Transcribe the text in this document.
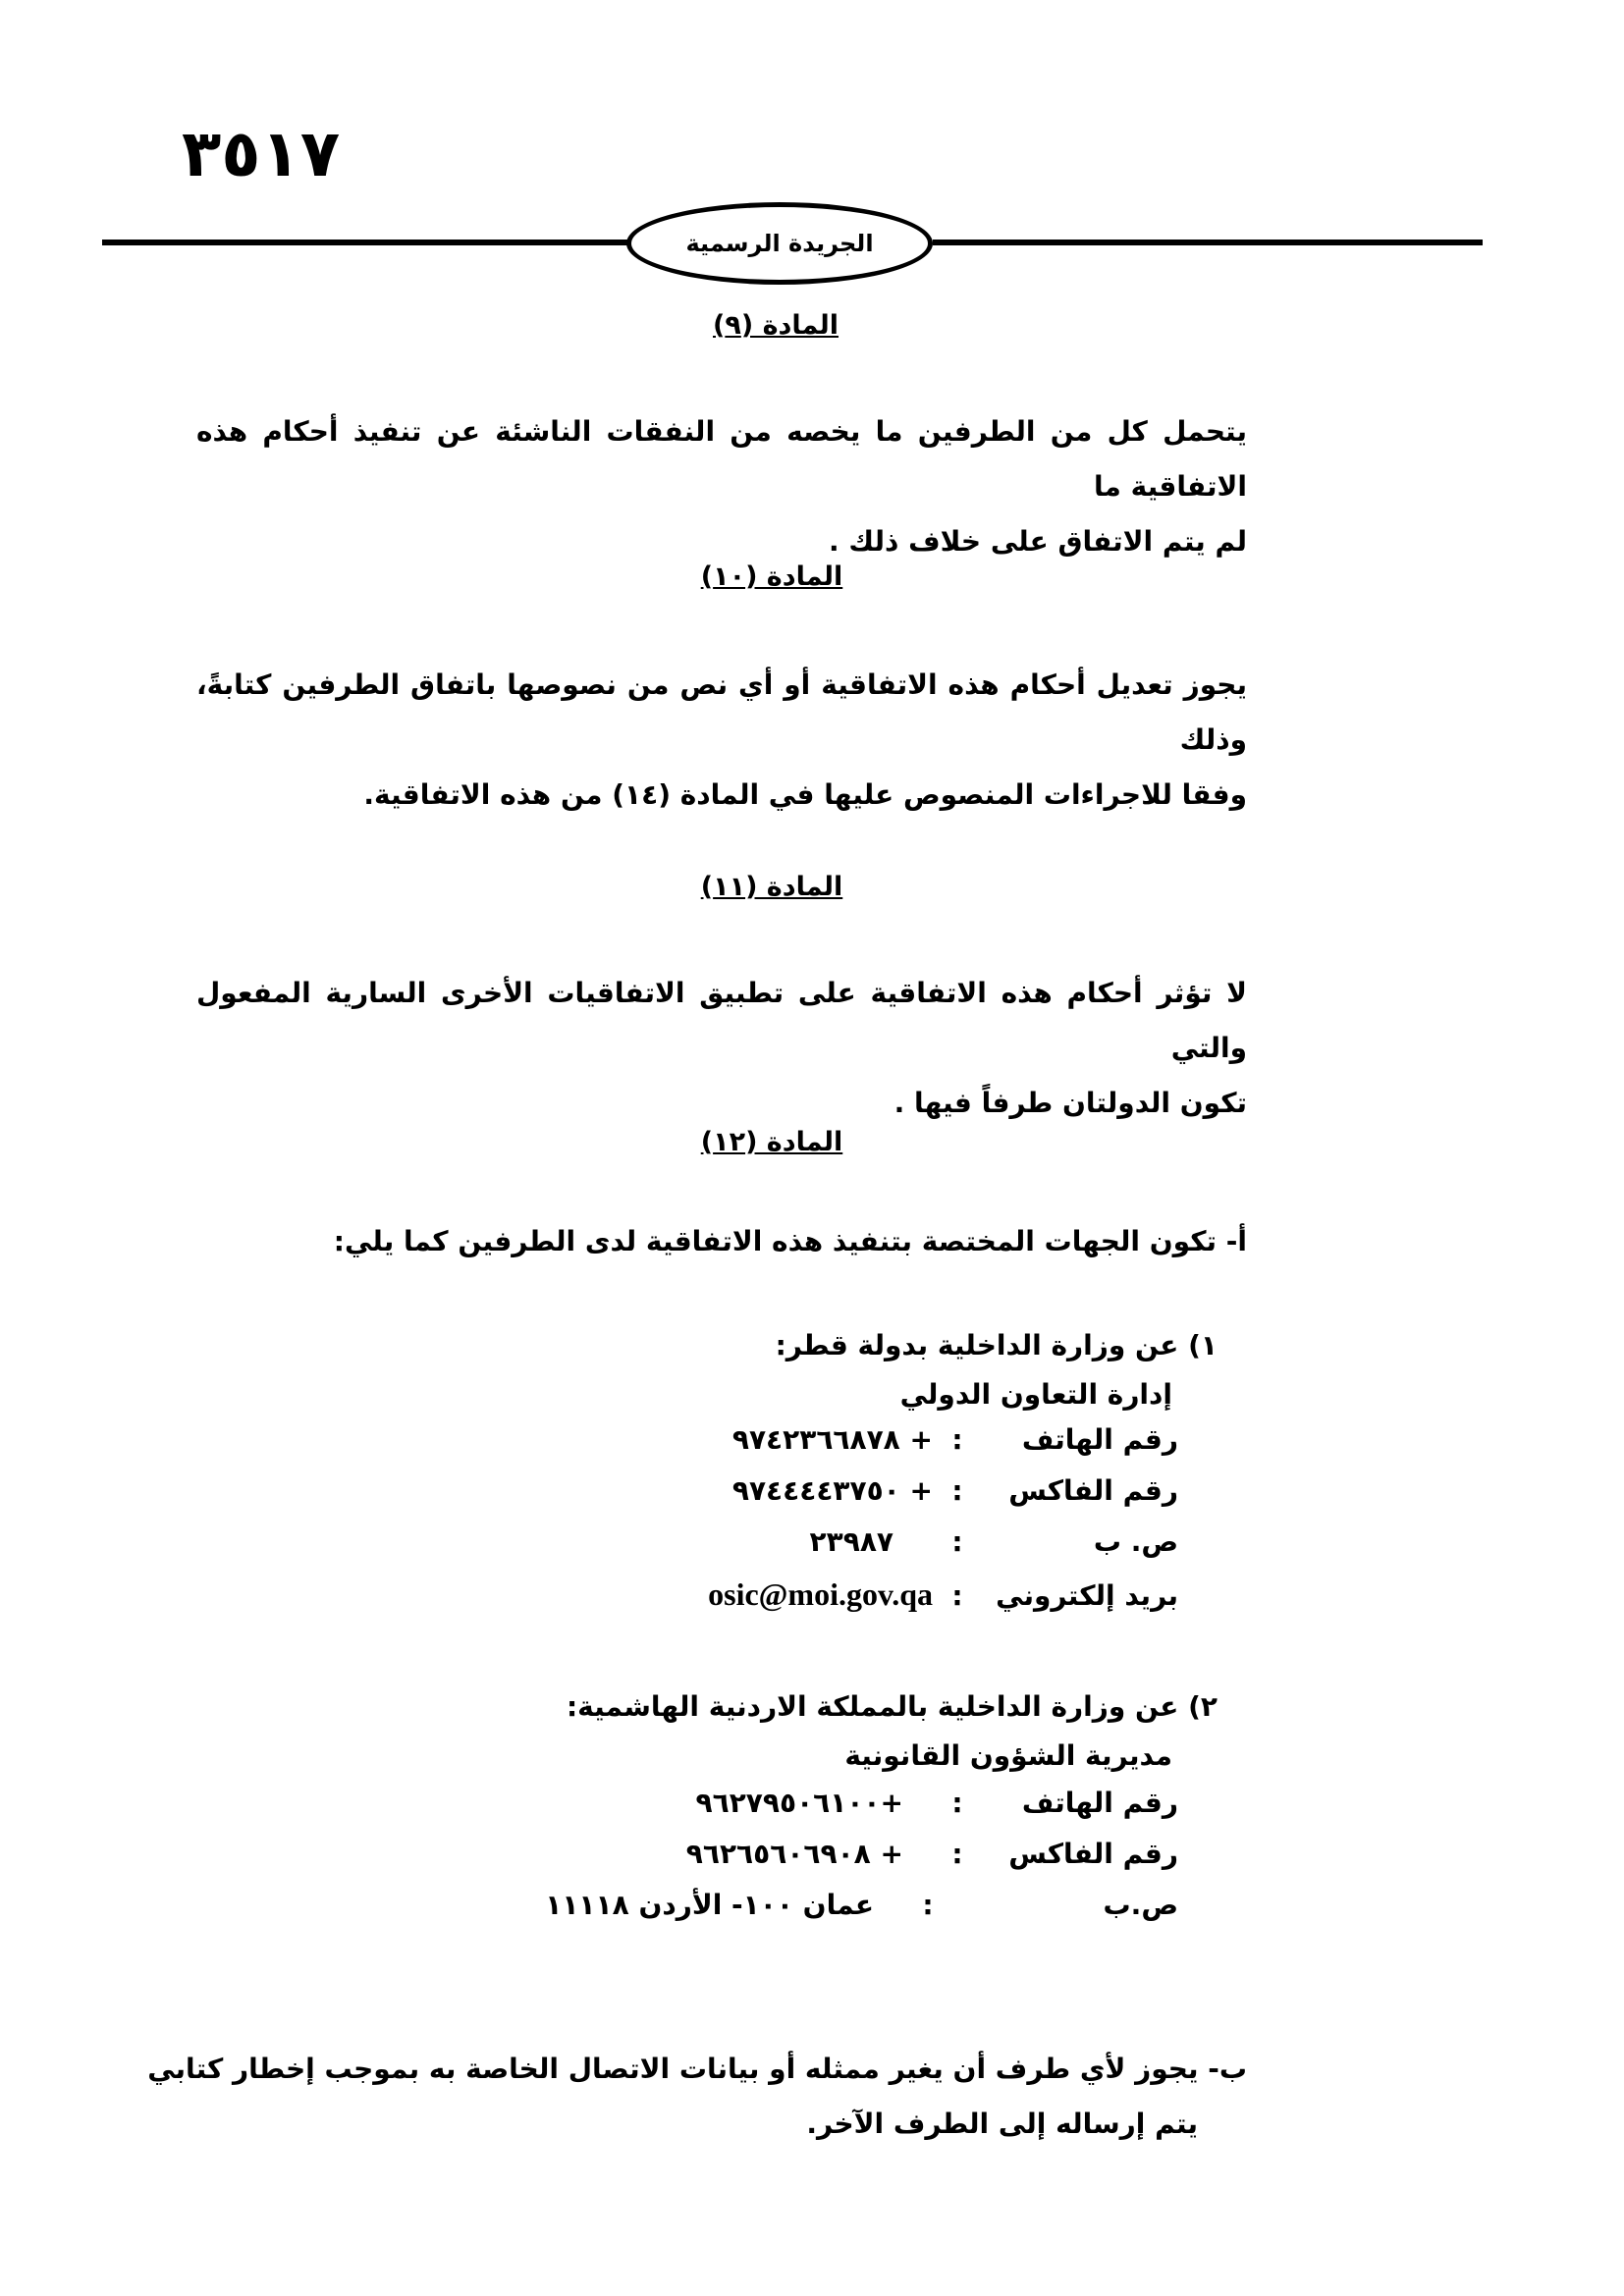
٣٥١٧
الجريدة الرسمية
المادة (٩)
يتحمل كل من الطرفين ما يخصه من النفقات الناشئة عن تنفيذ أحكام هذه الاتفاقية ما
لم يتم الاتفاق على خلاف ذلك .
المادة (١٠)
يجوز تعديل أحكام هذه الاتفاقية أو أي نص من نصوصها باتفاق الطرفين كتابةً، وذلك
وفقا للاجراءات المنصوص عليها في المادة (١٤) من هذه الاتفاقية.
المادة (١١)
لا تؤثر أحكام هذه الاتفاقية على تطبيق الاتفاقيات الأخرى السارية المفعول والتي
تكون الدولتان طرفاً فيها .
المادة (١٢)
أ- تكون الجهات المختصة بتنفيذ هذه الاتفاقية لدى الطرفين كما يلي:
١) عن وزارة الداخلية بدولة قطر:
إدارة التعاون الدولي
رقم الهاتف
:
٩٧٤٢٣٦٦٨٧٨ +
رقم الفاكس
:
٩٧٤٤٤٤٣٧٥٠ +
ص. ب
:
٢٣٩٨٧
بريد إلكتروني
:
osic@moi.gov.qa
٢) عن وزارة الداخلية بالمملكة الاردنية الهاشمية:
مديرية الشؤون القانونية
رقم الهاتف
:
٩٦٢٧٩٥٠٦١٠٠+
رقم الفاكس
:
٩٦٢٦٥٦٠٦٩٠٨ +
ص.ب
:
عمان ١٠٠- الأردن ١١١١٨
ب- يجوز لأي طرف أن يغير ممثله أو بيانات الاتصال الخاصة به بموجب إخطار كتابي
يتم إرساله إلى الطرف الآخر.
